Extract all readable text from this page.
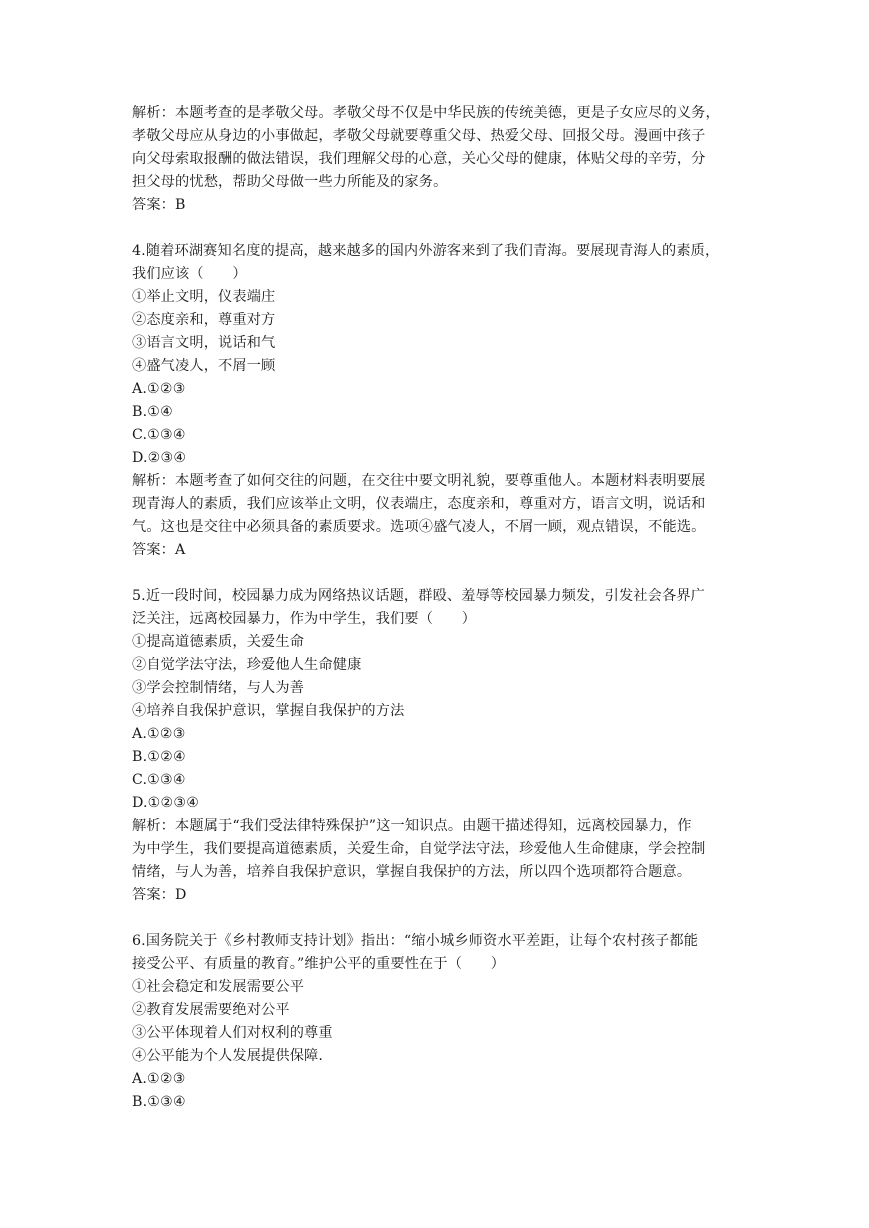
解析：本题考查的是孝敬父母。孝敬父母不仅是中华民族的传统美德，更是子女应尽的义务，
孝敬父母应从身边的小事做起，孝敬父母就要尊重父母、热爱父母、回报父母。漫画中孩子
向父母索取报酬的做法错误，我们理解父母的心意，关心父母的健康，体贴父母的辛劳，分
担父母的忧愁，帮助父母做一些力所能及的家务。
答案：B
4.随着环湖赛知名度的提高，越来越多的国内外游客来到了我们青海。要展现青海人的素质，
我们应该（　　）
①举止文明，仪表端庄
②态度亲和，尊重对方
③语言文明，说话和气
④盛气凌人，不屑一顾
A.①②③
B.①④
C.①③④
D.②③④
解析：本题考查了如何交往的问题，在交往中要文明礼貌，要尊重他人。本题材料表明要展
现青海人的素质，我们应该举止文明，仪表端庄，态度亲和，尊重对方，语言文明，说话和
气。这也是交往中必须具备的素质要求。选项④盛气凌人，不屑一顾，观点错误，不能选。
答案：A
5.近一段时间，校园暴力成为网络热议话题，群殴、羞辱等校园暴力频发，引发社会各界广
泛关注，远离校园暴力，作为中学生，我们要（　　）
①提高道德素质，关爱生命
②自觉学法守法，珍爱他人生命健康
③学会控制情绪，与人为善
④培养自我保护意识，掌握自我保护的方法
A.①②③
B.①②④
C.①③④
D.①②③④
解析：本题属于“我们受法律特殊保护”这一知识点。由题干描述得知，远离校园暴力，作
为中学生，我们要提高道德素质，关爱生命，自觉学法守法，珍爱他人生命健康，学会控制
情绪，与人为善，培养自我保护意识，掌握自我保护的方法，所以四个选项都符合题意。
答案：D
6.国务院关于《乡村教师支持计划》指出：“缩小城乡师资水平差距，让每个农村孩子都能
接受公平、有质量的教育。”维护公平的重要性在于（　　）
①社会稳定和发展需要公平
②教育发展需要绝对公平
③公平体现着人们对权利的尊重
④公平能为个人发展提供保障.
A.①②③
B.①③④
